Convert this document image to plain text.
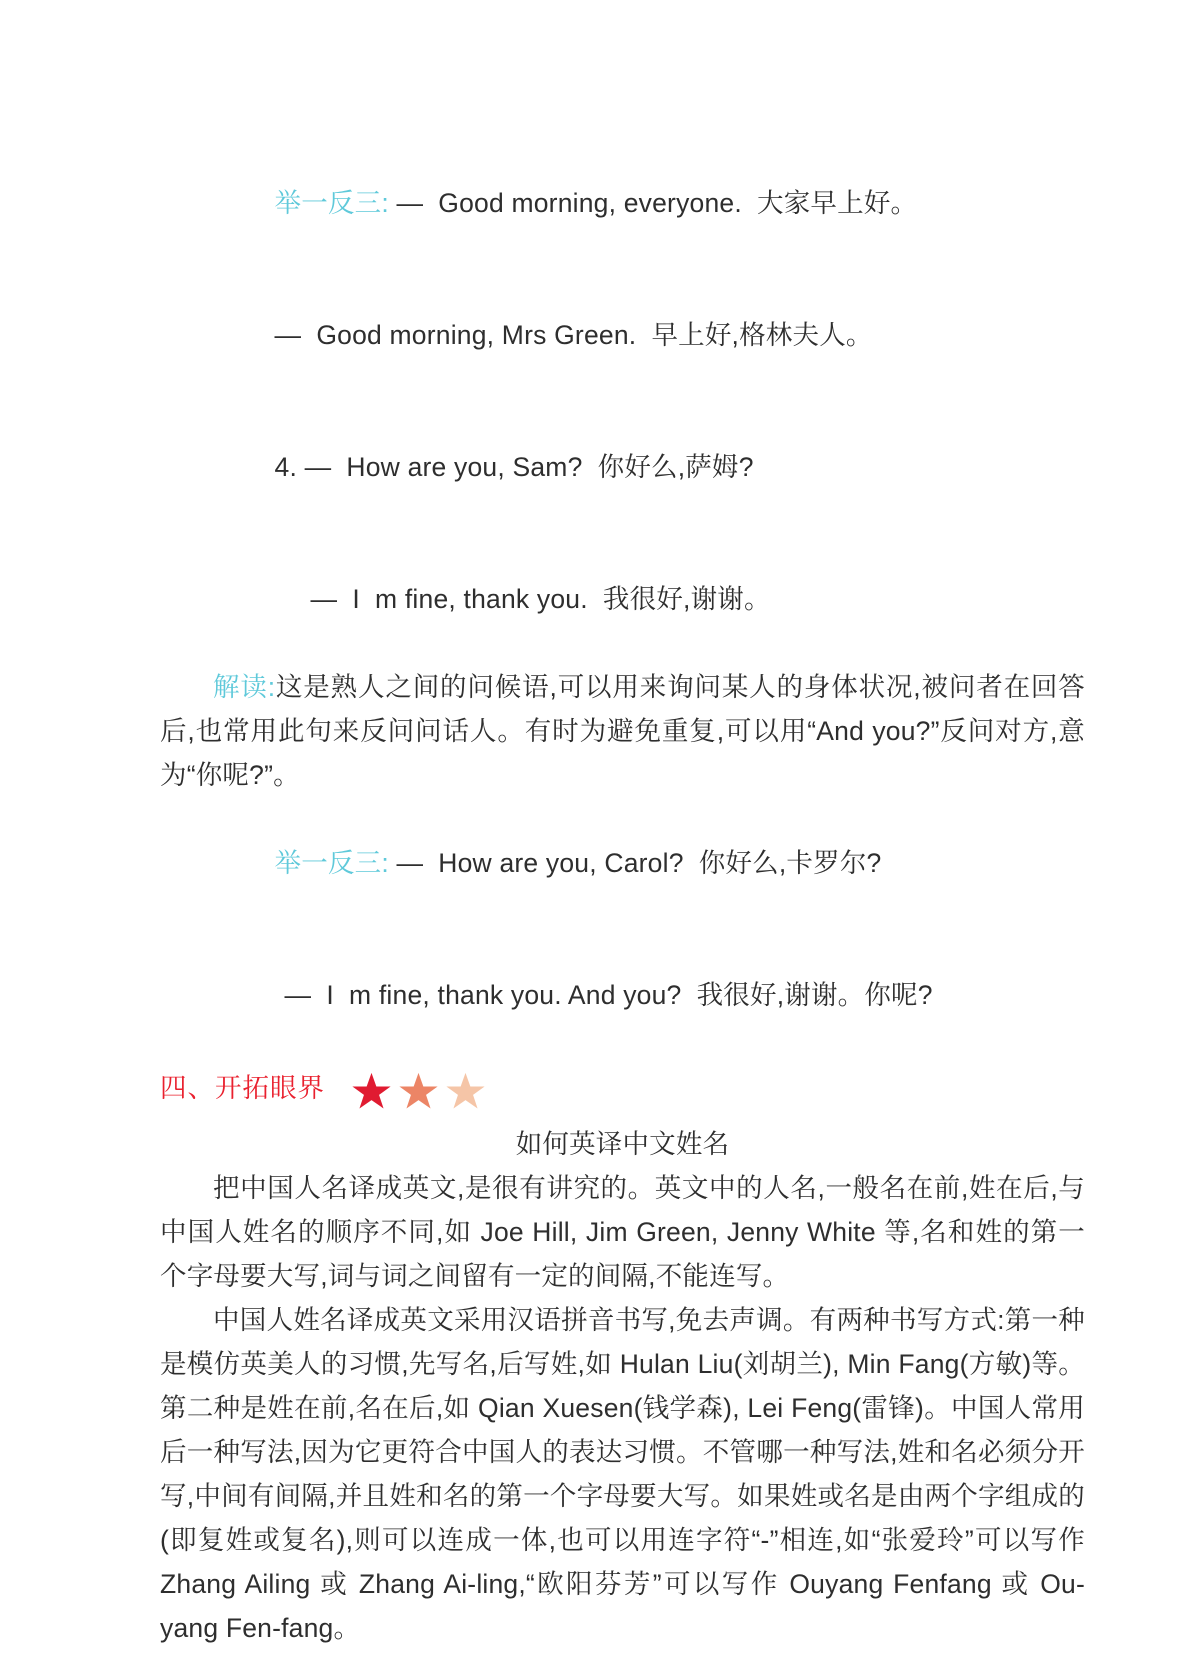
举一反三: —  Good morning, everyone.  大家早上好。

—  Good morning, Mrs Green.  早上好,格林夫人。

4. —  How are you, Sam?  你好么,萨姆?

—  I  m fine, thank you.  我很好,谢谢。

解读:这是熟人之间的问候语,可以用来询问某人的身体状况,被问者在回答后,也常用此句来反问问话人。有时为避免重复,可以用“And you?”反问对方,意为“你呢?”。

举一反三: —  How are you, Carol?  你好么,卡罗尔?

—  I  m fine, thank you. And you?  我很好,谢谢。你呢?

四、开拓眼界
如何英译中文姓名

把中国人名译成英文,是很有讲究的。英文中的人名,一般名在前,姓在后,与中国人姓名的顺序不同,如 Joe Hill, Jim Green, Jenny White 等,名和姓的第一个字母要大写,词与词之间留有一定的间隔,不能连写。

中国人姓名译成英文采用汉语拼音书写,免去声调。有两种书写方式:第一种是模仿英美人的习惯,先写名,后写姓,如 Hulan Liu(刘胡兰), Min Fang(方敏)等。第二种是姓在前,名在后,如 Qian Xuesen(钱学森), Lei Feng(雷锋)。中国人常用后一种写法,因为它更符合中国人的表达习惯。不管哪一种写法,姓和名必须分开写,中间有间隔,并且姓和名的第一个字母要大写。如果姓或名是由两个字组成的(即复姓或复名),则可以连成一体,也可以用连字符“-”相连,如“张爱玲”可以写作 Zhang Ailing 或 Zhang Ai-ling,“欧阳芬芳”可以写作 Ouyang Fenfang 或 Ou-yang Fen-fang。
